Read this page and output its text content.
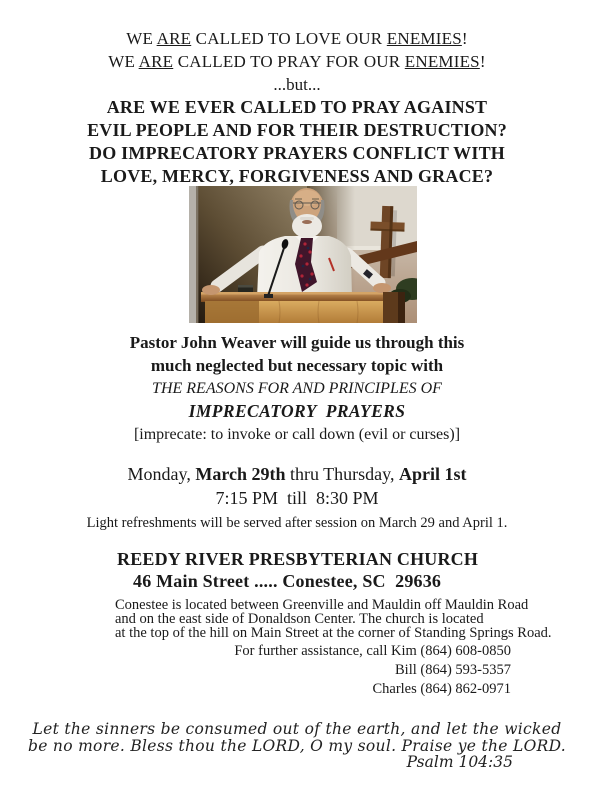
WE ARE CALLED TO LOVE OUR ENEMIES!
WE ARE CALLED TO PRAY FOR OUR ENEMIES!
...but...
ARE WE EVER CALLED TO PRAY AGAINST
EVIL PEOPLE AND FOR THEIR DESTRUCTION?
DO IMPRECATORY PRAYERS CONFLICT WITH
LOVE, MERCY, FORGIVENESS AND GRACE?
Pastor John Weaver will guide us through this
much neglected but necessary topic with
THE REASONS FOR AND PRINCIPLES OF
IMPRECATORY  PRAYERS
[imprecate: to invoke or call down (evil or curses)]
Monday, March 29th thru Thursday, April 1st
7:15 PM  till  8:30 PM
Light refreshments will be served after session on March 29 and April 1.
REEDY RIVER PRESBYTERIAN CHURCH
46 Main Street ..... Conestee, SC  29636
Conestee is located between Greenville and Mauldin off Mauldin Road
and on the east side of Donaldson Center. The church is located
at the top of the hill on Main Street at the corner of Standing Springs Road.
For further assistance, call Kim (864) 608-0850
Bill (864) 593-5357
Charles (864) 862-0971
Let the sinners be consumed out of the earth, and let the wicked
be no more. Bless thou the LORD, O my soul. Praise ye the LORD.
Psalm 104:35
